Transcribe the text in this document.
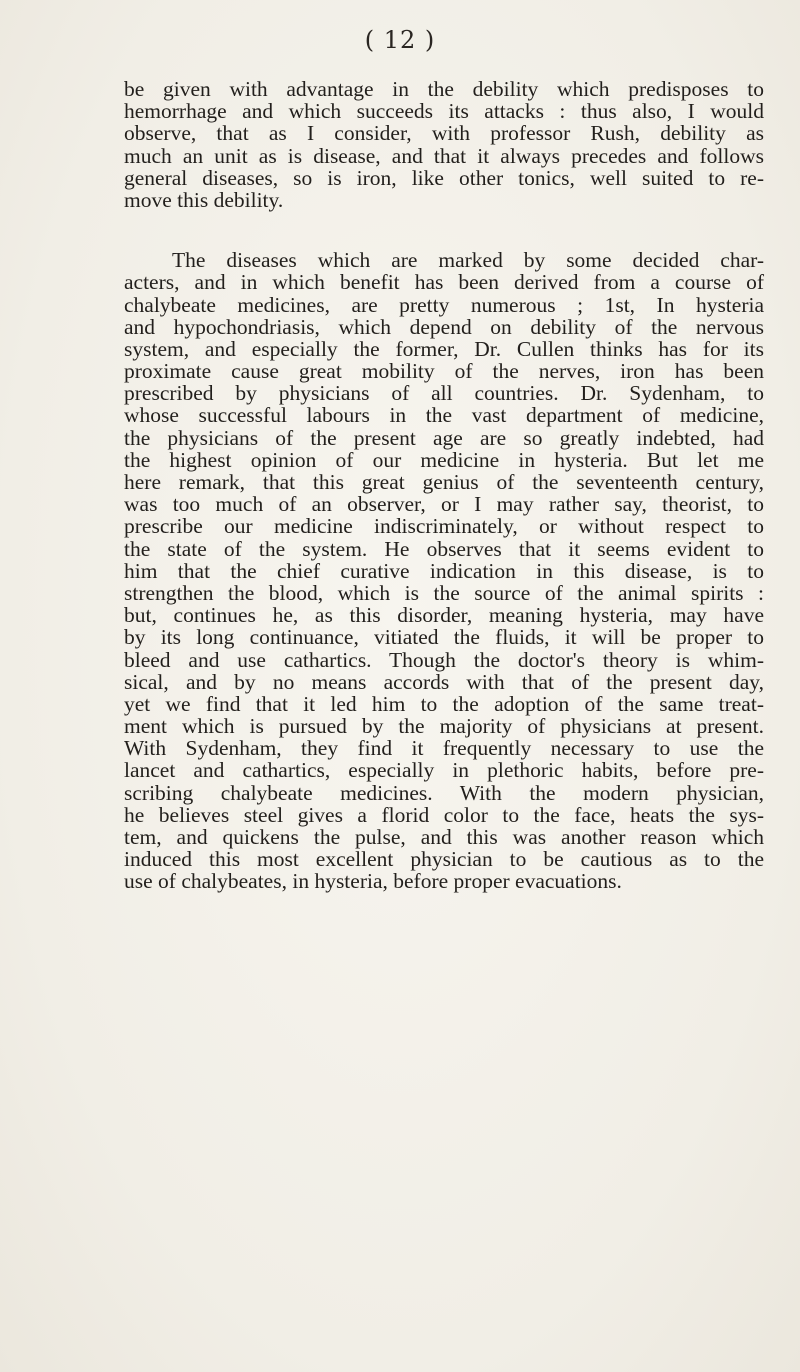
( 12 )
be given with advantage in the debility which predisposes to
hemorrhage and which succeeds its attacks : thus also, I would
observe, that as I consider, with professor Rush, debility as
much an unit as is disease, and that it always precedes and follows
general diseases, so is iron, like other tonics, well suited to re-
move this debility.
The diseases which are marked by some decided char-
acters, and in which benefit has been derived from a course of
chalybeate medicines, are pretty numerous ; 1st, In hysteria
and hypochondriasis, which depend on debility of the nervous
system, and especially the former, Dr. Cullen thinks has for its
proximate cause great mobility of the nerves, iron has been
prescribed by physicians of all countries. Dr. Sydenham, to
whose successful labours in the vast department of medicine,
the physicians of the present age are so greatly indebted, had
the highest opinion of our medicine in hysteria. But let me
here remark, that this great genius of the seventeenth century,
was too much of an observer, or I may rather say, theorist, to
prescribe our medicine indiscriminately, or without respect to
the state of the system. He observes that it seems evident to
him that the chief curative indication in this disease, is to
strengthen the blood, which is the source of the animal spirits :
but, continues he, as this disorder, meaning hysteria, may have
by its long continuance, vitiated the fluids, it will be proper to
bleed and use cathartics. Though the doctor's theory is whim-
sical, and by no means accords with that of the present day,
yet we find that it led him to the adoption of the same treat-
ment which is pursued by the majority of physicians at present.
With Sydenham, they find it frequently necessary to use the
lancet and cathartics, especially in plethoric habits, before pre-
scribing chalybeate medicines. With the modern physician,
he believes steel gives a florid color to the face, heats the sys-
tem, and quickens the pulse, and this was another reason which
induced this most excellent physician to be cautious as to the
use of chalybeates, in hysteria, before proper evacuations.
